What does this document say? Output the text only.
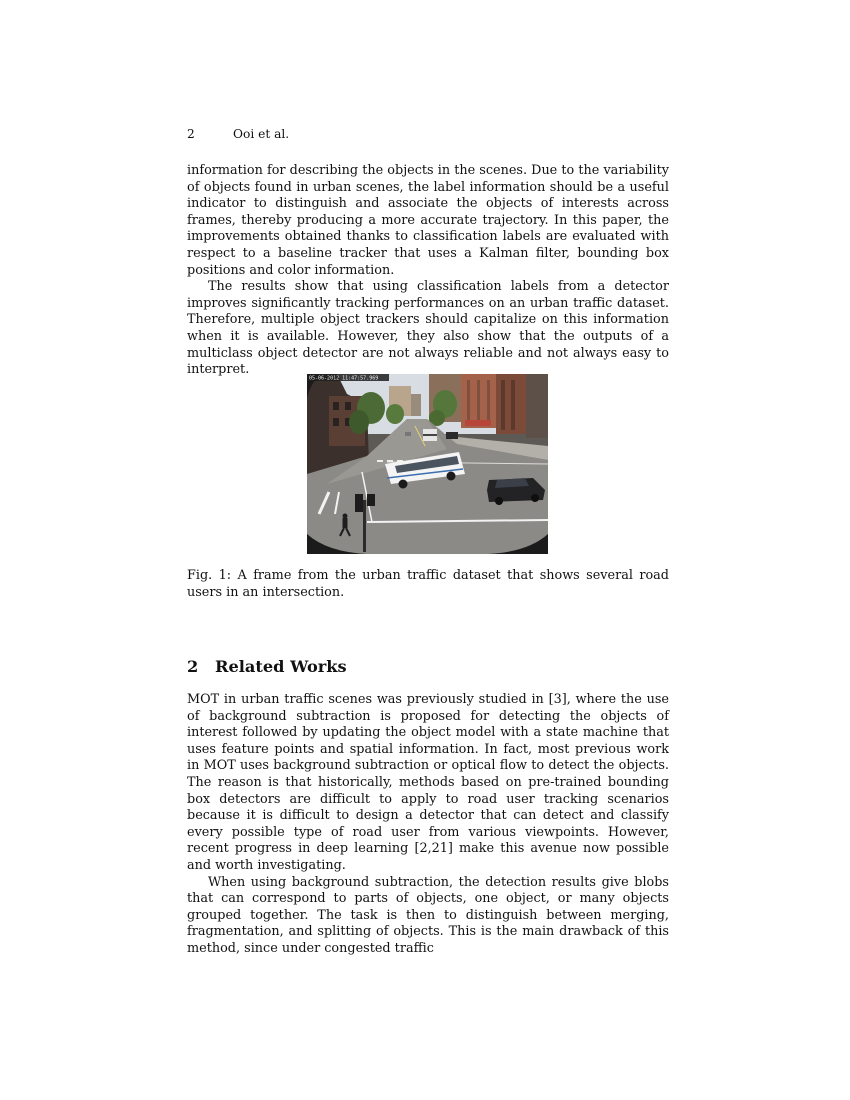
2	Ooi et al.

information for describing the objects in the scenes. Due to the variability of objects found in urban scenes, the label information should be a useful indicator to distinguish and associate the objects of interests across frames, thereby producing a more accurate trajectory. In this paper, the improvements obtained thanks to classification labels are evaluated with respect to a baseline tracker that uses a Kalman filter, bounding box positions and color information.

The results show that using classification labels from a detector improves significantly tracking performances on an urban traffic dataset. Therefore, multiple object trackers should capitalize on this information when it is available. However, they also show that the outputs of a multiclass object detector are not always reliable and not always easy to interpret.

05-06-2012 11:47:57.969
Fig. 1: A frame from the urban traffic dataset that shows several road users in an intersection.
2	Related Works

MOT in urban traffic scenes was previously studied in [3], where the use of background subtraction is proposed for detecting the objects of interest followed by updating the object model with a state machine that uses feature points and spatial information. In fact, most previous work in MOT uses background subtraction or optical flow to detect the objects. The reason is that historically, methods based on pre-trained bounding box detectors are difficult to apply to road user tracking scenarios because it is difficult to design a detector that can detect and classify every possible type of road user from various viewpoints. However, recent progress in deep learning [2,21] make this avenue now possible and worth investigating.

When using background subtraction, the detection results give blobs that can correspond to parts of objects, one object, or many objects grouped together. The task is then to distinguish between merging, fragmentation, and splitting of objects. This is the main drawback of this method, since under congested traffic
